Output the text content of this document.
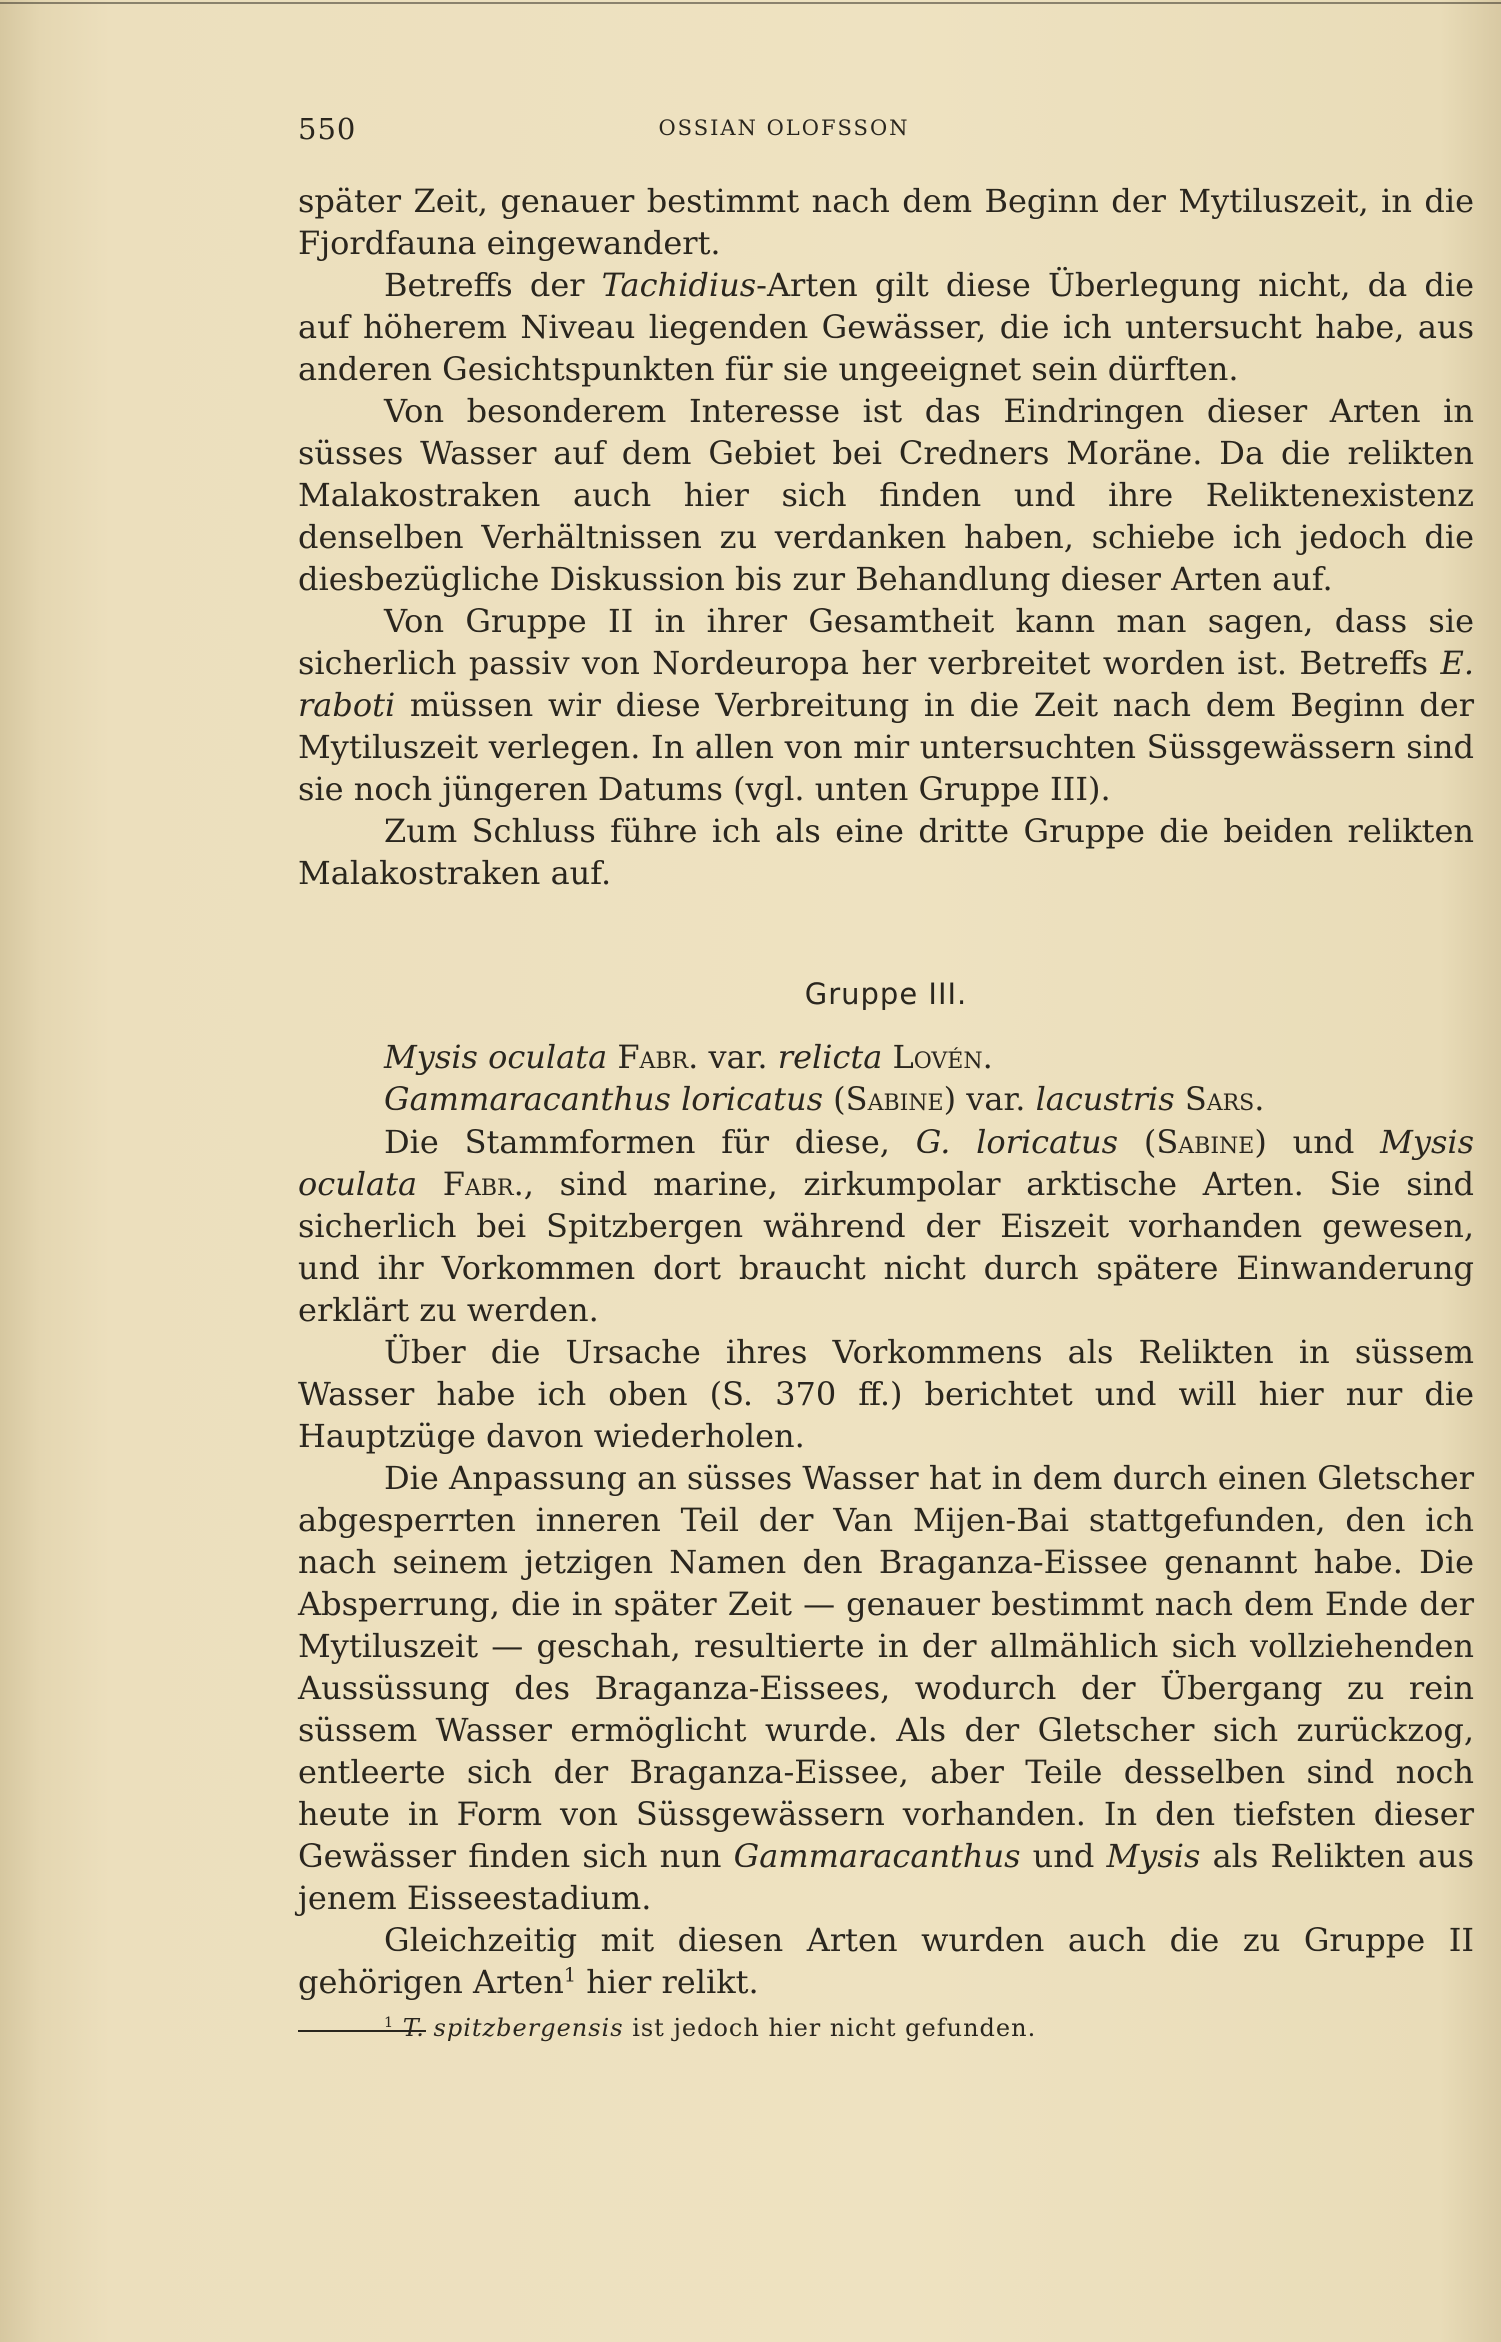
550	OSSIAN OLOFSSON

später Zeit, genauer bestimmt nach dem Beginn der Mytiluszeit, in die Fjordfauna eingewandert.

Betreffs der Tachidius-Arten gilt diese Überlegung nicht, da die auf höherem Niveau liegenden Gewässer, die ich untersucht habe, aus anderen Gesichtspunkten für sie ungeeignet sein dürften.

Von besonderem Interesse ist das Eindringen dieser Arten in süsses Wasser auf dem Gebiet bei Credners Moräne. Da die relikten Malakostraken auch hier sich finden und ihre Reliktenexistenz denselben Verhältnissen zu verdanken haben, schiebe ich jedoch die diesbezügliche Diskussion bis zur Behandlung dieser Arten auf.

Von Gruppe II in ihrer Gesamtheit kann man sagen, dass sie sicherlich passiv von Nordeuropa her verbreitet worden ist. Betreffs E. raboti müssen wir diese Verbreitung in die Zeit nach dem Beginn der Mytiluszeit verlegen. In allen von mir untersuchten Süssgewässern sind sie noch jüngeren Datums (vgl. unten Gruppe III).

Zum Schluss führe ich als eine dritte Gruppe die beiden relikten Malakostraken auf.

Gruppe III.

Mysis oculata Fabr. var. relicta Lovén.

Gammaracanthus loricatus (Sabine) var. lacustris Sars.

Die Stammformen für diese, G. loricatus (Sabine) und Mysis oculata Fabr., sind marine, zirkumpolar arktische Arten. Sie sind sicherlich bei Spitzbergen während der Eiszeit vorhanden gewesen, und ihr Vorkommen dort braucht nicht durch spätere Einwanderung erklärt zu werden.

Über die Ursache ihres Vorkommens als Relikten in süssem Wasser habe ich oben (S. 370 ff.) berichtet und will hier nur die Hauptzüge davon wiederholen.

Die Anpassung an süsses Wasser hat in dem durch einen Gletscher abgesperrten inneren Teil der Van Mijen-Bai stattgefunden, den ich nach seinem jetzigen Namen den Braganza-Eissee genannt habe. Die Absperrung, die in später Zeit — genauer bestimmt nach dem Ende der Mytiluszeit — geschah, resultierte in der allmählich sich vollziehenden Aussüssung des Braganza-Eissees, wodurch der Übergang zu rein süssem Wasser ermöglicht wurde. Als der Gletscher sich zurückzog, entleerte sich der Braganza-Eissee, aber Teile desselben sind noch heute in Form von Süssgewässern vorhanden. In den tiefsten dieser Gewässer finden sich nun Gammaracanthus und Mysis als Relikten aus jenem Eisseestadium.

Gleichzeitig mit diesen Arten wurden auch die zu Gruppe II gehörigen Arten$^1$ hier relikt.

$^1$ T. spitzbergensis ist jedoch hier nicht gefunden.
